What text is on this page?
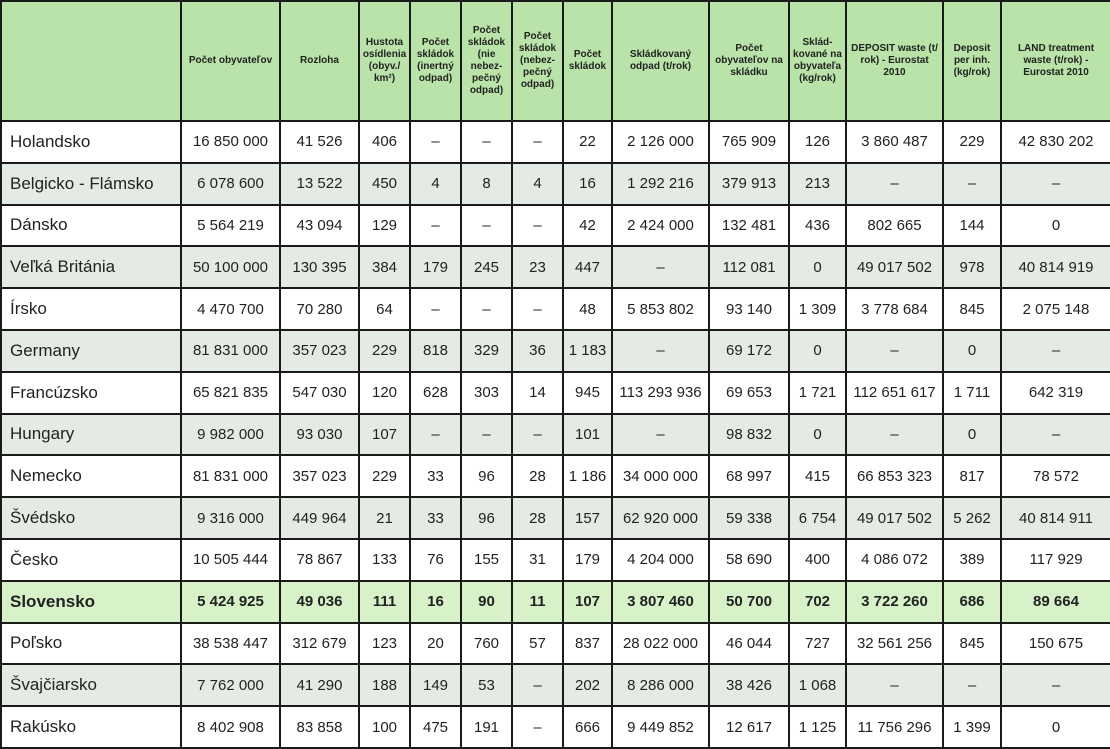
	Počet obyvateľov	Rozloha	Hustota osídlenia (obyv./ km²)	Počet skládok (inertný odpad)	Počet skládok (nie nebez- pečný odpad)	Počet skládok (nebez- pečný odpad)	Počet skládok	Skládkovaný odpad (t/rok)	Počet obyvateľov na skládku	Sklád- kované na obyvateľa (kg/rok)	DEPOSIT waste (t/ rok) - Eurostat 2010	Deposit per inh. (kg/rok)	LAND treatment waste (t/rok) - Eurostat 2010
Holandsko	16 850 000	41 526	406	–	–	–	22	2 126 000	765 909	126	3 860 487	229	42 830 202
Belgicko - Flámsko	6 078 600	13 522	450	4	8	4	16	1 292 216	379 913	213	–	–	–
Dánsko	5 564 219	43 094	129	–	–	–	42	2 424 000	132 481	436	802 665	144	0
Veľká Británia	50 100 000	130 395	384	179	245	23	447	–	112 081	0	49 017 502	978	40 814 919
Írsko	4 470 700	70 280	64	–	–	–	48	5 853 802	93 140	1 309	3 778 684	845	2 075 148
Germany	81 831 000	357 023	229	818	329	36	1 183	–	69 172	0	–	0	–
Francúzsko	65 821 835	547 030	120	628	303	14	945	113 293 936	69 653	1 721	112 651 617	1 711	642 319
Hungary	9 982 000	93 030	107	–	–	–	101	–	98 832	0	–	0	–
Nemecko	81 831 000	357 023	229	33	96	28	1 186	34 000 000	68 997	415	66 853 323	817	78 572
Švédsko	9 316 000	449 964	21	33	96	28	157	62 920 000	59 338	6 754	49 017 502	5 262	40 814 911
Česko	10 505 444	78 867	133	76	155	31	179	4 204 000	58 690	400	4 086 072	389	117 929
Slovensko	5 424 925	49 036	111	16	90	11	107	3 807 460	50 700	702	3 722 260	686	89 664
Poľsko	38 538 447	312 679	123	20	760	57	837	28 022 000	46 044	727	32 561 256	845	150 675
Švajčiarsko	7 762 000	41 290	188	149	53	–	202	8 286 000	38 426	1 068	–	–	–
Rakúsko	8 402 908	83 858	100	475	191	–	666	9 449 852	12 617	1 125	11 756 296	1 399	0
